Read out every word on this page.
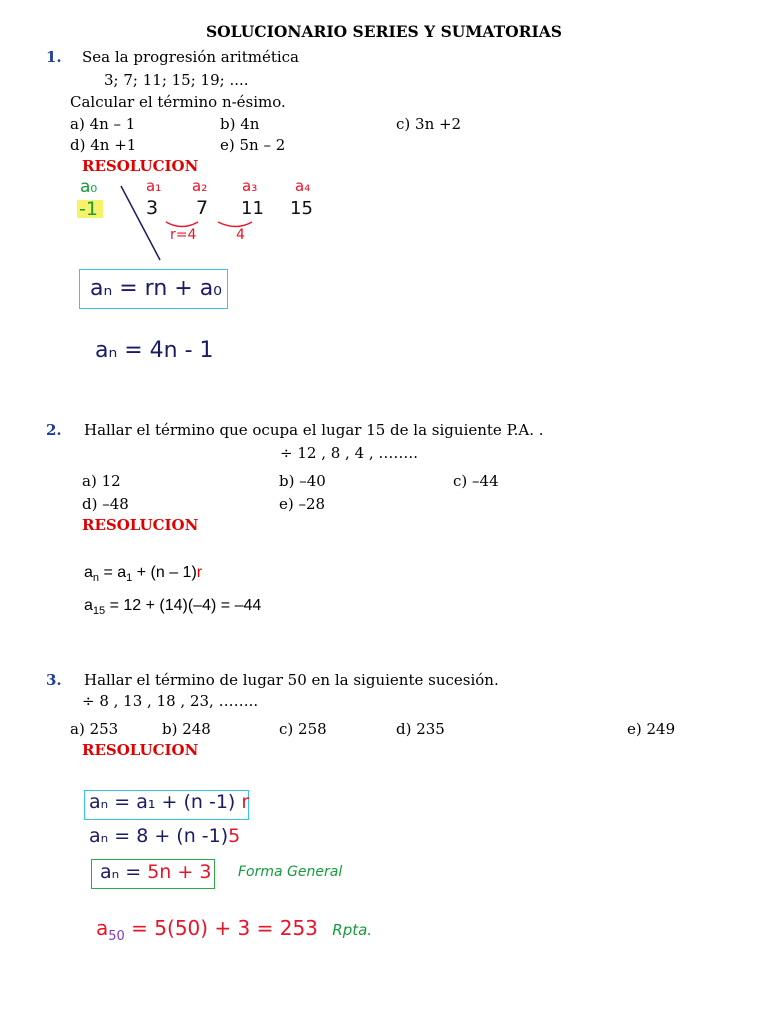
SOLUCIONARIO SERIES Y SUMATORIAS
1. Sea la progresión aritmética
3; 7; 11; 15; 19; ....
Calcular el término n-ésimo.
a) 4n – 1	b) 4n	c) 3n +2
d) 4n +1	e) 5n – 2
RESOLUCION
a₀	a₁ a₂ a₃	a₄
-1	3 7 11 15
r=4	4
aₙ = rn + a₀
aₙ = 4n - 1
2. Hallar el término que ocupa el lugar 15 de la siguiente P.A. .
÷ 12 , 8 , 4 , ……..
a) 12	b) –40	c) –44
d) –48	e) –28
RESOLUCION
$a_n = a_1 + (n - 1)r$
$a_{15} = 12 + (14)(-4) = -44$
3. Hallar el término de lugar 50 en la siguiente sucesión.
÷ 8 , 13 , 18 , 23, ……..
a) 253	b) 248	c) 258	d) 235	e) 249
RESOLUCION
aₙ = a₁ + (n -1) r
aₙ = 8 + (n -1)5
aₙ = 5n + 3 Forma General
$a_{50} = 5(50) + 3 = 253$ Rpta.
